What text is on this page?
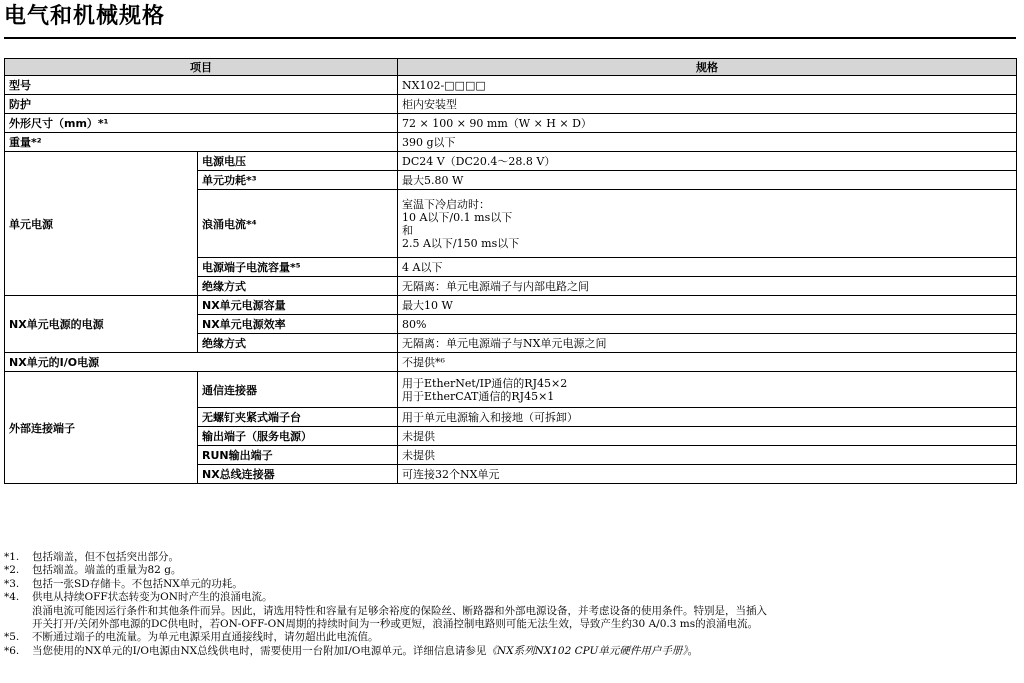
电气和机械规格
项目		规格
型号		NX102-□□□□
防护		柜内安装型
外形尺寸（mm）*¹		72 × 100 × 90 mm（W × H × D）
重量*²		390 g以下
单元电源	电源电压	DC24 V（DC20.4～28.8 V）
	单元功耗*³	最大5.80 W
	浪涌电流*⁴	室温下冷启动时：
10 A以下/0.1 ms以下
和
2.5 A以下/150 ms以下

	电源端子电流容量*⁵	4 A以下
	绝缘方式	无隔离：单元电源端子与内部电路之间
NX单元电源的电源	NX单元电源容量	最大10 W
	NX单元电源效率	80%
	绝缘方式	无隔离：单元电源端子与NX单元电源之间
NX单元的I/O电源		不提供*⁶
外部连接端子	通信连接器	用于EtherNet/IP通信的RJ45×2
用于EtherCAT通信的RJ45×1

	无螺钉夹紧式端子台	用于单元电源输入和接地（可拆卸）
	输出端子（服务电源）	未提供
	RUN输出端子	未提供
	NX总线连接器	可连接32个NX单元
*1. 包括端盖，但不包括突出部分。
*2. 包括端盖。端盖的重量为82 g。
*3. 包括一张SD存储卡。不包括NX单元的功耗。
*4. 供电从持续OFF状态转变为ON时产生的浪涌电流。
浪涌电流可能因运行条件和其他条件而异。因此，请选用特性和容量有足够余裕度的保险丝、断路器和外部电源设备，并考虑设备的使用条件。特别是，当插入
开关打开/关闭外部电源的DC供电时，若ON-OFF-ON周期的持续时间为一秒或更短，浪涌控制电路则可能无法生效，导致产生约30 A/0.3 ms的浪涌电流。
*5. 不断通过端子的电流量。为单元电源采用直通接线时，请勿超出此电流值。
*6. 当您使用的NX单元的I/O电源由NX总线供电时，需要使用一台附加I/O电源单元。详细信息请参见《NX系列NX102 CPU单元硬件用户手册》。
